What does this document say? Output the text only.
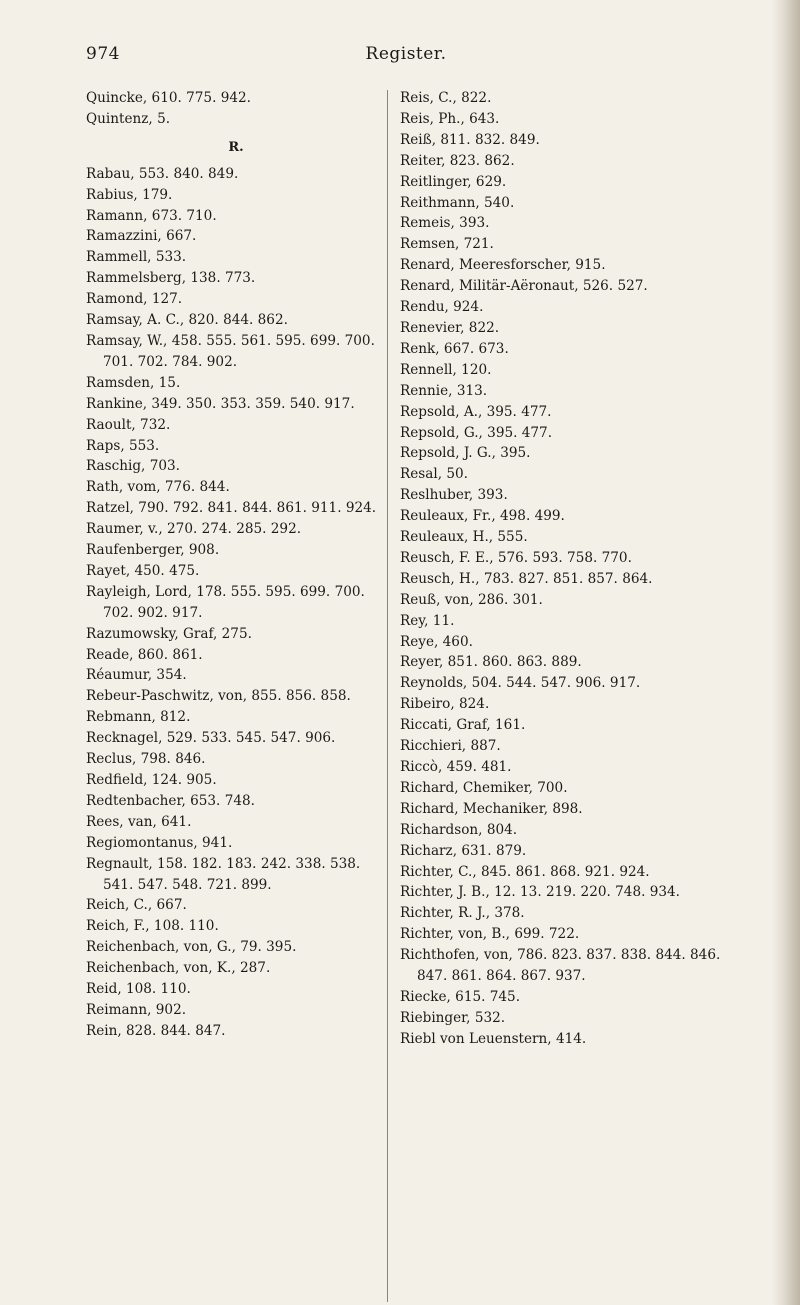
Register.
974
Quincke, 610. 775. 942.
Quintenz, 5.
R.
Rabau, 553. 840. 849.
Rabius, 179.
Ramann, 673. 710.
Ramazzini, 667.
Rammell, 533.
Rammelsberg, 138. 773.
Ramond, 127.
Ramsay, A. C., 820. 844. 862.
Ramsay, W., 458. 555. 561. 595. 699. 700. 701. 702. 784. 902.
Ramsden, 15.
Rankine, 349. 350. 353. 359. 540. 917.
Raoult, 732.
Raps, 553.
Raschig, 703.
Rath, vom, 776. 844.
Ratzel, 790. 792. 841. 844. 861. 911. 924.
Raumer, v., 270. 274. 285. 292.
Raufenberger, 908.
Rayet, 450. 475.
Rayleigh, Lord, 178. 555. 595. 699. 700. 702. 902. 917.
Razumowsky, Graf, 275.
Reade, 860. 861.
Réaumur, 354.
Rebeur-Paschwitz, von, 855. 856. 858.
Rebmann, 812.
Recknagel, 529. 533. 545. 547. 906.
Reclus, 798. 846.
Redfield, 124. 905.
Redtenbacher, 653. 748.
Rees, van, 641.
Regiomontanus, 941.
Regnault, 158. 182. 183. 242. 338. 538. 541. 547. 548. 721. 899.
Reich, C., 667.
Reich, F., 108. 110.
Reichenbach, von, G., 79. 395.
Reichenbach, von, K., 287.
Reid, 108. 110.
Reimann, 902.
Rein, 828. 844. 847.
Reis, C., 822.
Reis, Ph., 643.
Reiß, 811. 832. 849.
Reiter, 823. 862.
Reitlinger, 629.
Reithmann, 540.
Remeis, 393.
Remsen, 721.
Renard, Meeresforscher, 915.
Renard, Militär-Aëronaut, 526. 527.
Rendu, 924.
Renevier, 822.
Renk, 667. 673.
Rennell, 120.
Rennie, 313.
Repsold, A., 395. 477.
Repsold, G., 395. 477.
Repsold, J. G., 395.
Resal, 50.
Reslhuber, 393.
Reuleaux, Fr., 498. 499.
Reuleaux, H., 555.
Reusch, F. E., 576. 593. 758. 770.
Reusch, H., 783. 827. 851. 857. 864.
Reuß, von, 286. 301.
Rey, 11.
Reye, 460.
Reyer, 851. 860. 863. 889.
Reynolds, 504. 544. 547. 906. 917.
Ribeiro, 824.
Riccati, Graf, 161.
Ricchieri, 887.
Riccò, 459. 481.
Richard, Chemiker, 700.
Richard, Mechaniker, 898.
Richardson, 804.
Richarz, 631. 879.
Richter, C., 845. 861. 868. 921. 924.
Richter, J. B., 12. 13. 219. 220. 748. 934.
Richter, R. J., 378.
Richter, von, B., 699. 722.
Richthofen, von, 786. 823. 837. 838. 844. 846. 847. 861. 864. 867. 937.
Riecke, 615. 745.
Riebinger, 532.
Riebl von Leuenstern, 414.
